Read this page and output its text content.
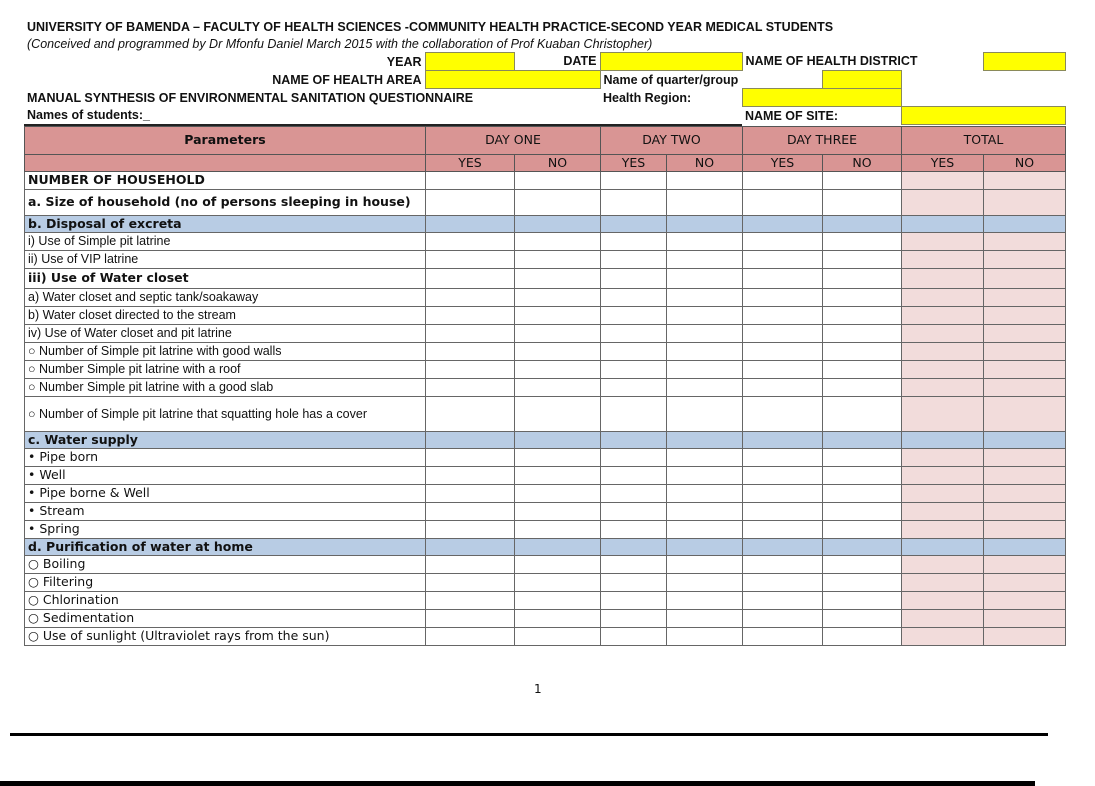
UNIVERSITY OF BAMENDA – FACULTY OF HEALTH SCIENCES -COMMUNITY HEALTH PRACTICE-SECOND YEAR MEDICAL STUDENTS							
(Conceived and programmed by Dr Mfonfu Daniel March 2015 with the collaboration of Prof Kuaban Christopher)							
YEAR		DATE		NAME OF HEALTH DISTRICT			
NAME OF HEALTH AREA			Name of quarter/group				
MANUAL SYNTHESIS OF ENVIRONMENTAL SANITATION QUESTIONNAIRE			Health Region:				
Names of students:_				NAME OF SITE:			
Parameters	DAY ONE		DAY TWO		DAY THREE		TOTAL	
	YES	NO	YES	NO	YES	NO	YES	NO
NUMBER OF HOUSEHOLD								
a. Size of household (no of persons sleeping in house)								
b. Disposal of excreta								
i) Use of Simple pit latrine								
ii) Use of VIP latrine								
iii) Use of Water closet								
a) Water closet and septic tank/soakaway								
b) Water closet directed to the stream								
iv) Use of Water closet and pit latrine								
○ Number of Simple pit latrine with good walls								
○ Number Simple pit latrine with a roof								
○ Number Simple pit latrine with a good slab								
○ Number of Simple pit latrine that squatting hole has a cover								
c. Water supply								
• Pipe born								
• Well								
• Pipe borne & Well								
• Stream								
• Spring								
d. Purification of water at home								
○ Boiling								
○ Filtering								
○ Chlorination								
○ Sedimentation								
○ Use of sunlight (Ultraviolet rays from the sun)								
1
